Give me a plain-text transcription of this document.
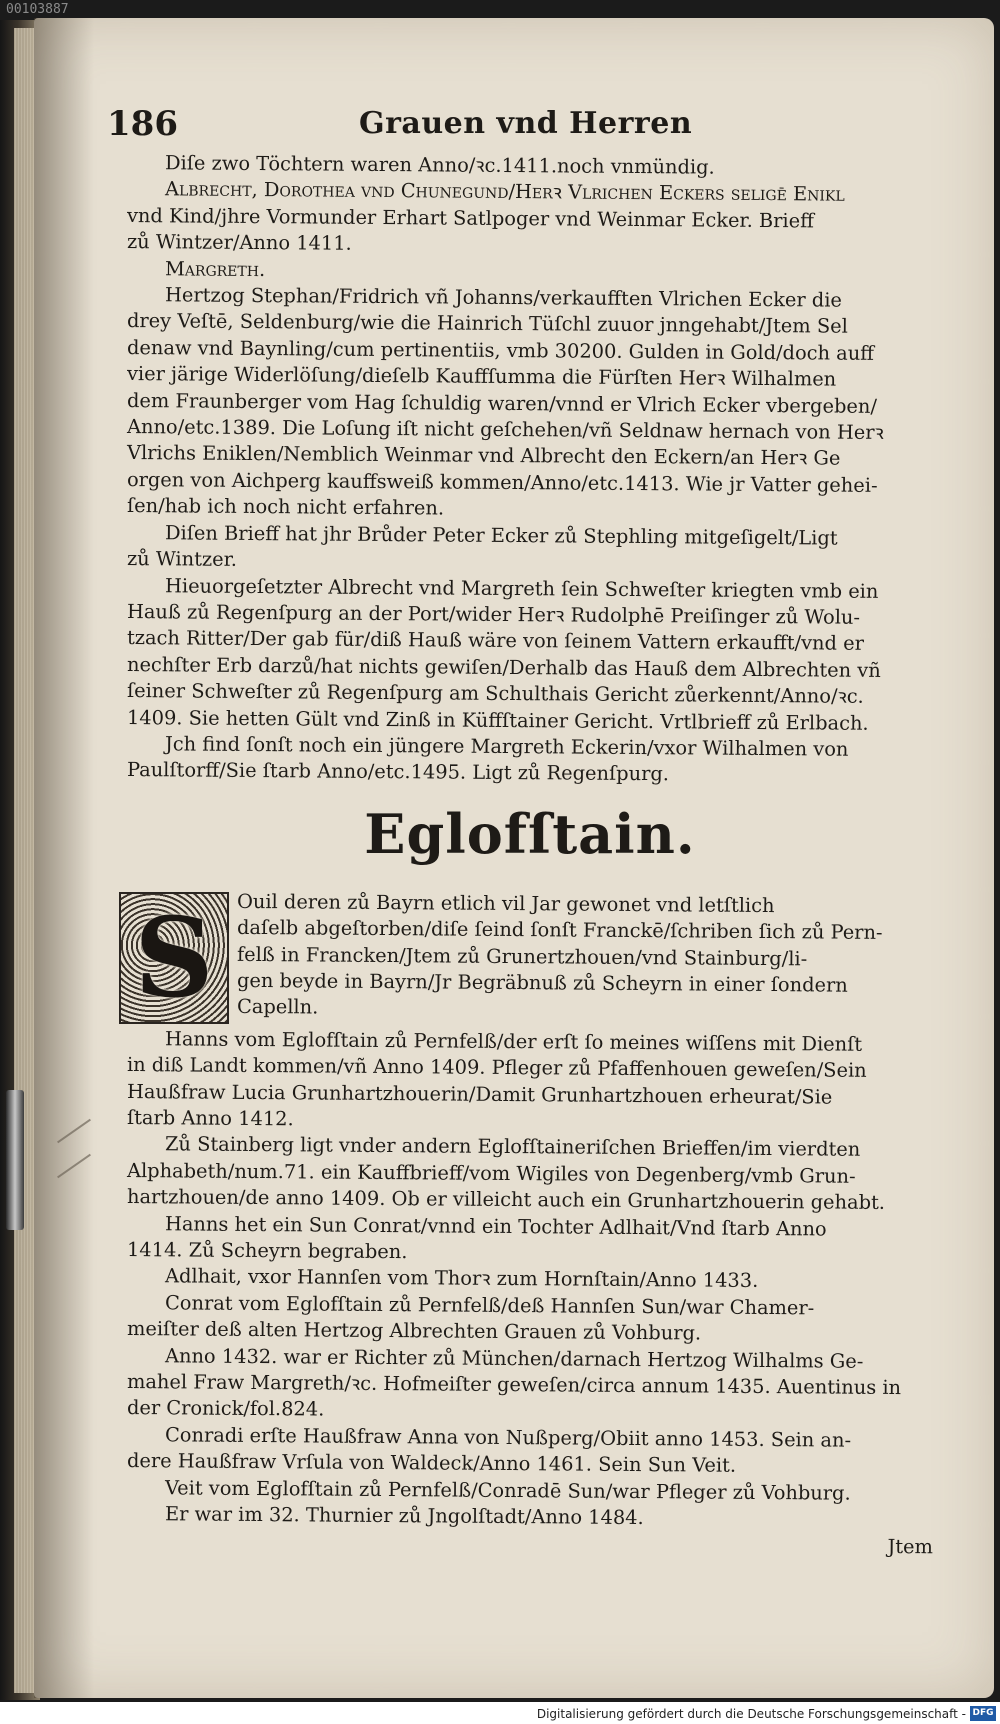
00103887
186	Grauen vnd Herren
Diſe zwo Töchtern waren Anno/ꝛc.1411.noch vnmündig.
Albrecht, Dorothea vnd Chunegund/Herꝛ Vlrichen Eckers ſeligē Enikl
vnd Kind/jhre Vormunder Erhart Satlpoger vnd Weinmar Ecker. Brieff
zů Wintzer/Anno 1411.
Margreth.
Hertzog Stephan/Fridrich vñ Johanns/verkaufften Vlrichen Ecker die
drey Veſtē, Seldenburg/wie die Hainrich Tüſchl zuuor jnngehabt/Jtem Sel
denaw vnd Baynling/cum pertinentiis, vmb 30200. Gulden in Gold/doch auff
vier järige Widerlöſung/dieſelb Kauffſumma die Fürſten Herꝛ Wilhalmen
dem Fraunberger vom Hag ſchuldig waren/vnnd er Vlrich Ecker vbergeben/
Anno/etc.1389. Die Loſung iſt nicht geſchehen/vñ Seldnaw hernach von Herꝛ
Vlrichs Eniklen/Nemblich Weinmar vnd Albrecht den Eckern/an Herꝛ Ge
orgen von Aichperg kauffsweiß kommen/Anno/etc.1413. Wie jr Vatter gehei-
ſen/hab ich noch nicht erfahren.
Diſen Brieff hat jhr Brůder Peter Ecker zů Stephling mitgeſigelt/Ligt
zů Wintzer.
Hieuorgeſetzter Albrecht vnd Margreth ſein Schweſter kriegten vmb ein
Hauß zů Regenſpurg an der Port/wider Herꝛ Rudolphē Preiſinger zů Wolu-
tzach Ritter/Der gab für/diß Hauß wäre von ſeinem Vattern erkaufft/vnd er
nechſter Erb darzů/hat nichts gewiſen/Derhalb das Hauß dem Albrechten vñ
ſeiner Schweſter zů Regenſpurg am Schulthais Gericht zůerkennt/Anno/ꝛc.
1409. Sie hetten Gült vnd Zinß in Küffſtainer Gericht. Vrtlbrieff zů Erlbach.
Jch find ſonſt noch ein jüngere Margreth Eckerin/vxor Wilhalmen von
Paulſtorff/Sie ſtarb Anno/etc.1495. Ligt zů Regenſpurg.
Eglofſtain.
S	Ouil deren zů Bayrn etlich vil Jar gewonet vnd letſtlich
daſelb abgeſtorben/diſe ſeind ſonſt Franckē/ſchriben ſich zů Pern-
felß in Francken/Jtem zů Grunertzhouen/vnd Stainburg/li-
gen beyde in Bayrn/Jr Begräbnuß zů Scheyrn in einer ſondern
Capelln.
Hanns vom Eglofſtain zů Pernfelß/der erſt ſo meines wiſſens mit Dienſt
in diß Landt kommen/vñ Anno 1409. Pfleger zů Pfaffenhouen geweſen/Sein
Haußfraw Lucia Grunhartzhouerin/Damit Grunhartzhouen erheurat/Sie
ſtarb Anno 1412.
Zů Stainberg ligt vnder andern Eglofſtaineriſchen Brieffen/im vierdten
Alphabeth/num.71. ein Kauffbrieff/vom Wigiles von Degenberg/vmb Grun-
hartzhouen/de anno 1409. Ob er villeicht auch ein Grunhartzhouerin gehabt.
Hanns het ein Sun Conrat/vnnd ein Tochter Adlhait/Vnd ſtarb Anno
1414. Zů Scheyrn begraben.
Adlhait, vxor Hannſen vom Thorꝛ zum Hornſtain/Anno 1433.
Conrat vom Eglofſtain zů Pernfelß/deß Hannſen Sun/war Chamer-
meiſter deß alten Hertzog Albrechten Grauen zů Vohburg.
Anno 1432. war er Richter zů München/darnach Hertzog Wilhalms Ge-
mahel Fraw Margreth/ꝛc. Hofmeiſter geweſen/circa annum 1435. Auentinus in
der Cronick/fol.824.
Conradi erſte Haußfraw Anna von Nußperg/Obiit anno 1453. Sein an-
dere Haußfraw Vrſula von Waldeck/Anno 1461. Sein Sun Veit.
Veit vom Eglofſtain zů Pernfelß/Conradē Sun/war Pfleger zů Vohburg.
Er war im 32. Thurnier zů Jngolſtadt/Anno 1484.
Jtem
Digitalisierung gefördert durch die Deutsche Forschungsgemeinschaft - DFG
